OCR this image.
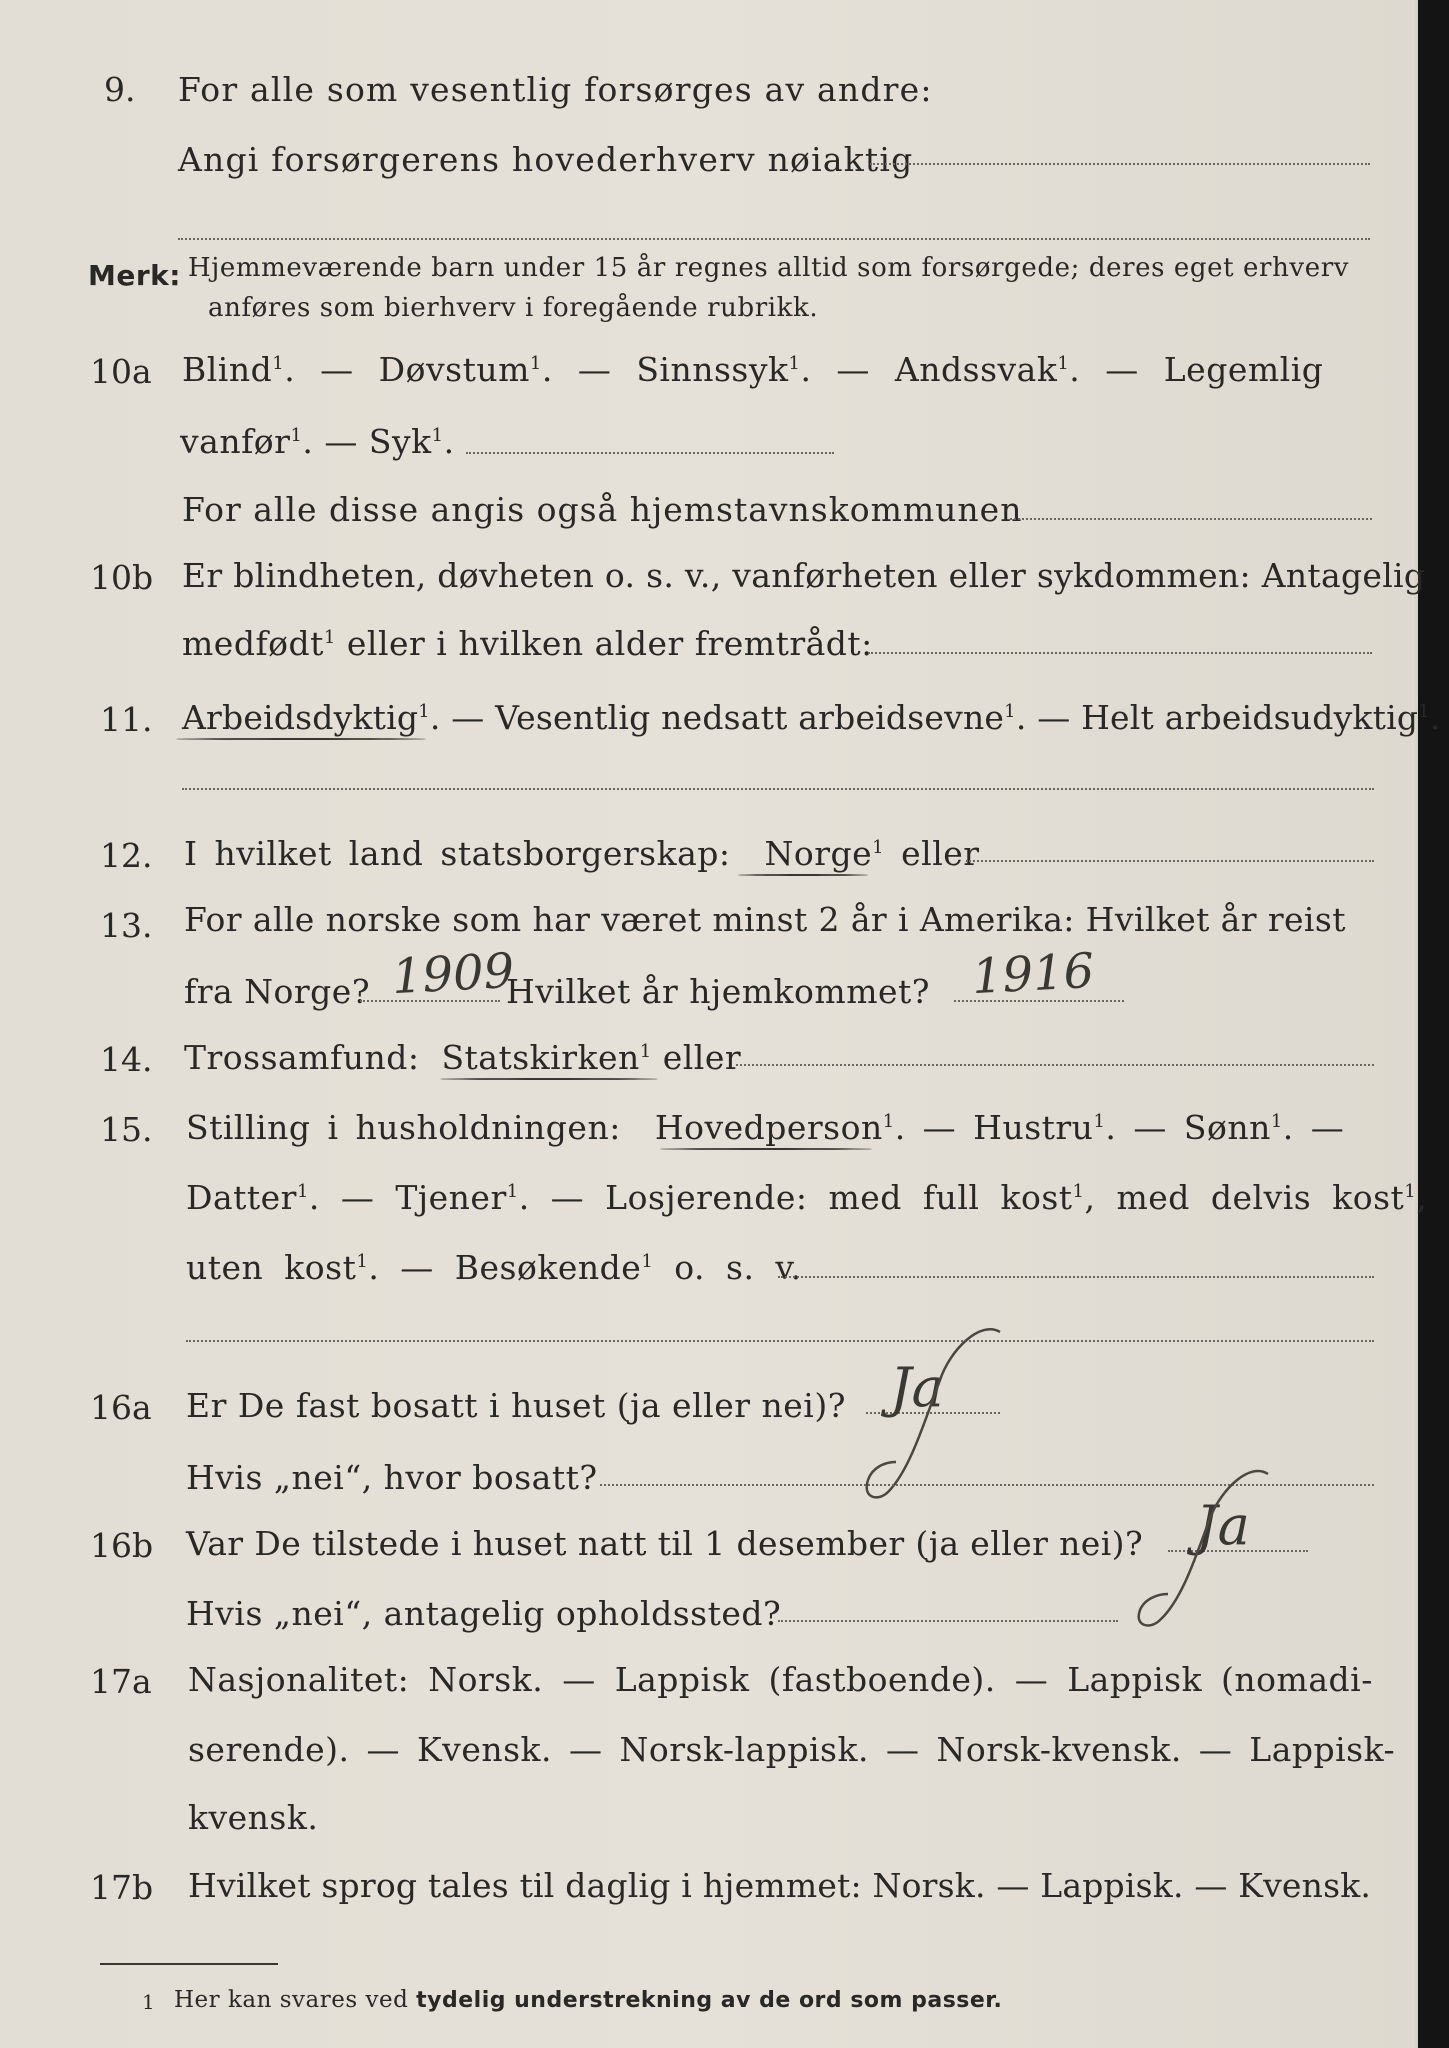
9. For alle som vesentlig forsørges av andre:
Angi forsørgerens hovederhverv nøiaktig
Merk: Hjemmeværende barn under 15 år regnes alltid som forsørgede; deres eget erhverv
anføres som bierhverv i foregående rubrikk.
10a Blind$^1$. — Døvstum$^1$. — Sinnssyk$^1$. — Andssvak$^1$. — Legemlig
vanfør$^1$. — Syk$^1$.
For alle disse angis også hjemstavnskommunen
10b Er blindheten, døvheten o. s. v., vanførheten eller sykdommen: Antagelig
medfødt$^1$ eller i hvilken alder fremtrådt:
11. Arbeidsdyktig$^1$. — Vesentlig nedsatt arbeidsevne$^1$. — Helt arbeidsudyktig$^1$.
12. I hvilket land statsborgerskap: Norge$^1$ eller
13. For alle norske som har været minst 2 år i Amerika: Hvilket år reist
fra Norge? 1909
Hvilket år hjemkommet? 1916
14. Trossamfund: Statskirken$^1$ eller
15. Stilling i husholdningen: Hovedperson$^1$. — Hustru$^1$. — Sønn$^1$. —
Datter$^1$. — Tjener$^1$. — Losjerende: med full kost$^1$, med delvis kost$^1$,
uten kost$^1$. — Besøkende$^1$ o. s. v.
16a Er De fast bosatt i huset (ja eller nei)? Ja
Hvis „nei“, hvor bosatt?
16b Var De tilstede i huset natt til 1 desember (ja eller nei)? Ja
Hvis „nei“, antagelig opholdssted?
17a Nasjonalitet: Norsk. — Lappisk (fastboende). — Lappisk (nomadi-
serende). — Kvensk. — Norsk-lappisk. — Norsk-kvensk. — Lappisk-
kvensk.
17b Hvilket sprog tales til daglig i hjemmet: Norsk. — Lappisk. — Kvensk.
1 Her kan svares ved tydelig understrekning av de ord som passer.
